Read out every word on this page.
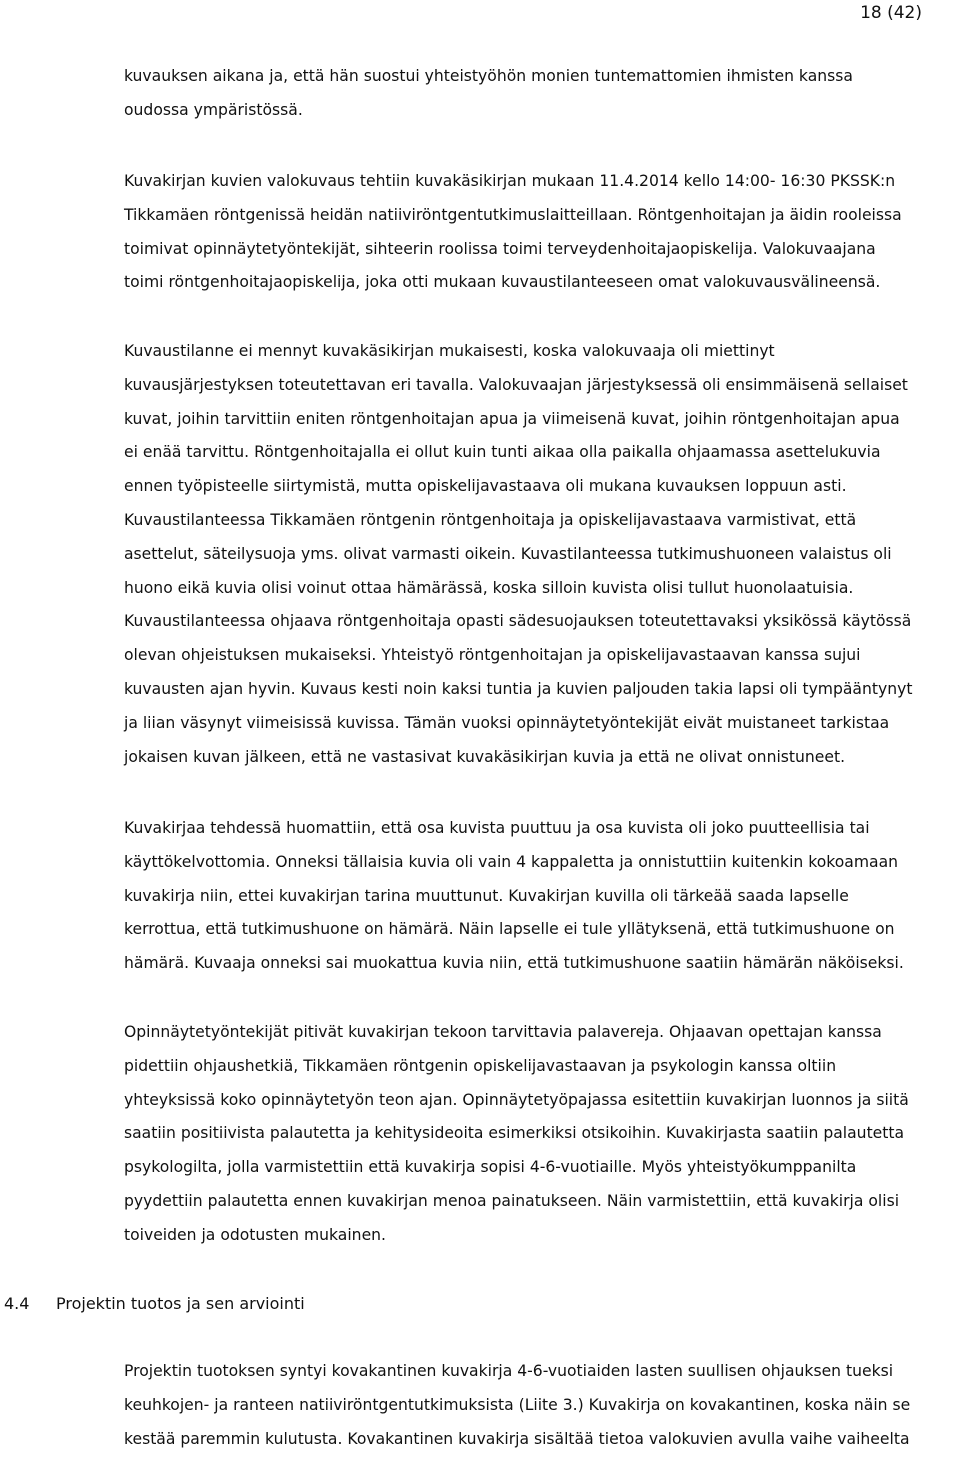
18 (42)
kuvauksen aikana ja, että hän suostui yhteistyöhön monien tuntemattomien ihmisten kanssa
oudossa ympäristössä.
Kuvakirjan kuvien valokuvaus tehtiin kuvakäsikirjan mukaan 11.4.2014 kello 14:00- 16:30 PKSSK:n
Tikkamäen röntgenissä heidän natiiviröntgentutkimuslaitteillaan. Röntgenhoitajan ja äidin rooleissa
toimivat opinnäytetyöntekijät, sihteerin roolissa toimi terveydenhoitajaopiskelija. Valokuvaajana
toimi röntgenhoitajaopiskelija, joka otti mukaan kuvaustilanteeseen omat valokuvausvälineensä.
Kuvaustilanne ei mennyt kuvakäsikirjan mukaisesti, koska valokuvaaja oli miettinyt
kuvausjärjestyksen toteutettavan eri tavalla. Valokuvaajan järjestyksessä oli ensimmäisenä sellaiset
kuvat, joihin tarvittiin eniten röntgenhoitajan apua ja viimeisenä kuvat, joihin röntgenhoitajan apua
ei enää tarvittu. Röntgenhoitajalla ei ollut kuin tunti aikaa olla paikalla ohjaamassa asettelukuvia
ennen työpisteelle siirtymistä, mutta opiskelijavastaava oli mukana kuvauksen loppuun asti.
Kuvaustilanteessa Tikkamäen röntgenin röntgenhoitaja ja opiskelijavastaava varmistivat, että
asettelut, säteilysuoja yms. olivat varmasti oikein. Kuvastilanteessa tutkimushuoneen valaistus oli
huono eikä kuvia olisi voinut ottaa hämärässä, koska silloin kuvista olisi tullut huonolaatuisia.
Kuvaustilanteessa ohjaava röntgenhoitaja opasti sädesuojauksen toteutettavaksi yksikössä käytössä
olevan ohjeistuksen mukaiseksi. Yhteistyö röntgenhoitajan ja opiskelijavastaavan kanssa sujui
kuvausten ajan hyvin. Kuvaus kesti noin kaksi tuntia ja kuvien paljouden takia lapsi oli tympääntynyt
ja liian väsynyt viimeisissä kuvissa. Tämän vuoksi opinnäytetyöntekijät eivät muistaneet tarkistaa
jokaisen kuvan jälkeen, että ne vastasivat kuvakäsikirjan kuvia ja että ne olivat onnistuneet.
Kuvakirjaa tehdessä huomattiin, että osa kuvista puuttuu ja osa kuvista oli joko puutteellisia tai
käyttökelvottomia. Onneksi tällaisia kuvia oli vain 4 kappaletta ja onnistuttiin kuitenkin kokoamaan
kuvakirja niin, ettei kuvakirjan tarina muuttunut. Kuvakirjan kuvilla oli tärkeää saada lapselle
kerrottua, että tutkimushuone on hämärä. Näin lapselle ei tule yllätyksenä, että tutkimushuone on
hämärä. Kuvaaja onneksi sai muokattua kuvia niin, että tutkimushuone saatiin hämärän näköiseksi.
Opinnäytetyöntekijät pitivät kuvakirjan tekoon tarvittavia palavereja. Ohjaavan opettajan kanssa
pidettiin ohjaushetkiä, Tikkamäen röntgenin opiskelijavastaavan ja psykologin kanssa oltiin
yhteyksissä koko opinnäytetyön teon ajan. Opinnäytetyöpajassa esitettiin kuvakirjan luonnos ja siitä
saatiin positiivista palautetta ja kehitysideoita esimerkiksi otsikoihin. Kuvakirjasta saatiin palautetta
psykologilta, jolla varmistettiin että kuvakirja sopisi 4-6-vuotiaille. Myös yhteistyökumppanilta
pyydettiin palautetta ennen kuvakirjan menoa painatukseen. Näin varmistettiin, että kuvakirja olisi
toiveiden ja odotusten mukainen.
4.4 Projektin tuotos ja sen arviointi
Projektin tuotoksen syntyi kovakantinen kuvakirja 4-6-vuotiaiden lasten suullisen ohjauksen tueksi
keuhkojen- ja ranteen natiiviröntgentutkimuksista (Liite 3.) Kuvakirja on kovakantinen, koska näin se
kestää paremmin kulutusta. Kovakantinen kuvakirja sisältää tietoa valokuvien avulla vaihe vaiheelta
